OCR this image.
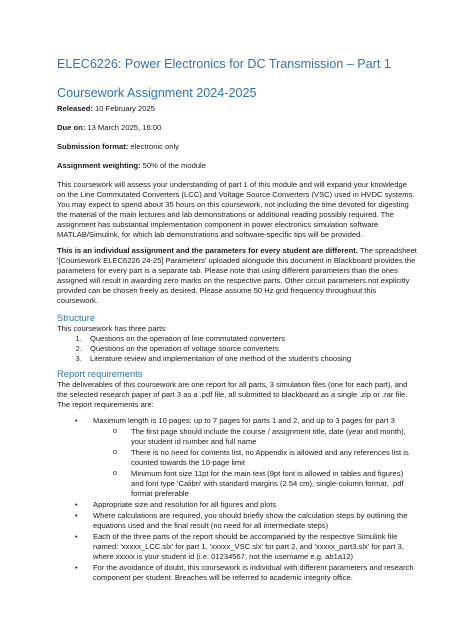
ELEC6226: Power Electronics for DC Transmission – Part 1
Coursework Assignment 2024-2025
Released: 10 February 2025
Due on: 13 March 2025, 16:00
Submission format: electronic only
Assignment weighting: 50% of the module

This coursework will assess your understanding of part 1 of this module and will expand your knowledge on the Line Commutated Converters (LCC) and Voltage Source Converters (VSC) used in HVDC systems. You may expect to spend about 35 hours on this coursework, not including the time devoted for digesting the material of the main lectures and lab demonstrations or additional reading possibly required. The assignment has substantial implementation component in power electronics simulation software MATLAB/Simulink, for which lab demonstrations and software-specific tips will be provided.

This is an individual assignment and the parameters for every student are different. The spreadsheet '[Coursework ELEC6226 24-25] Parameters' uploaded alongside this document in Blackboard provides the parameters for every part is a separate tab. Please note that using different parameters than the ones assigned will result in awarding zero marks on the respective parts. Other circuit parameters not explicitly provided can be chosen freely as desired. Please assume 50 Hz grid frequency throughout this coursework.

Structure

This coursework has three parts:

1. Questions on the operation of line commutated converters
2. Questions on the operation of voltage source converters
3. Literature review and implementation of one method of the student's choosing
Report requirements

The deliverables of this coursework are one report for all parts, 3 simulation files (one for each part), and the selected research paper of part 3 as a .pdf file, all submitted to blackboard as a single .zip or .rar file. The report requirements are:

• Maximum length is 10 pages: up to 7 pages for parts 1 and 2, and up to 3 pages for part 3
o The first page should include the course / assignment title, date (year and month), your student id number and full name
o There is no need for contents list, no Appendix is allowed and any references list is counted towards the 10-page limit
o Minimum font size 11pt for the main text (9pt font is allowed in tables and figures) and font type 'Calibri' with standard margins (2.54 cm), single-column format, .pdf format preferable
• Appropriate size and resolution for all figures and plots
• Where calculations are required, you should briefly show the calculation steps by outlining the equations used and the final result (no need for all intermediate steps)
• Each of the three parts of the report should be accompanied by the respective Simulink file named: 'xxxxx_LCC.slx' for part 1, 'xxxxx_VSC.slx' for part 2, and 'xxxxx_part3.slx' for part 3, where xxxxx is your student id (i.e. 01234567, not the username e.g. ab1a12)
• For the avoidance of doubt, this coursework is individual with different parameters and research component per student. Breaches will be referred to academic integrity office.
